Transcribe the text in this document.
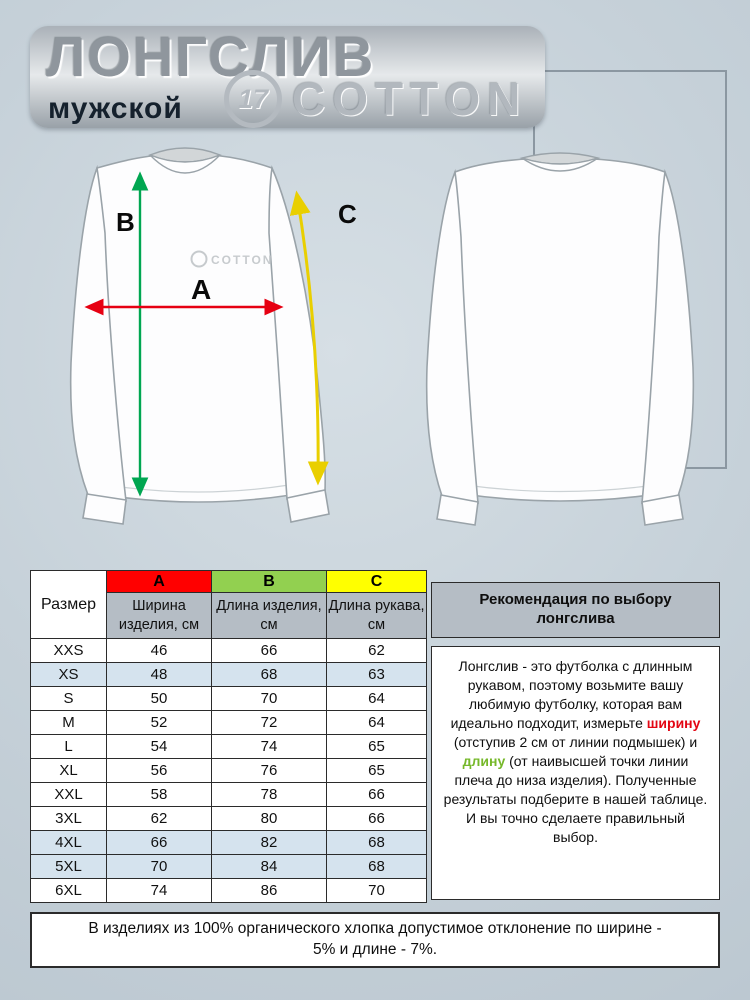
ЛОНГСЛИВ
мужской	17 COTTON
COTTON
A
B	C
Размер	A	B	C
	Ширина изделия, см	Длина изделия, см	Длина рукава, см
XXS	46	66	62
XS	48	68	63
S	50	70	64
M	52	72	64
L	54	74	65
XL	56	76	65
XXL	58	78	66
3XL	62	80	66
4XL	66	82	68
5XL	70	84	68
6XL	74	86	70
Рекомендация по выбору лонгслива
Лонгслив - это футболка с длинным рукавом, поэтому возьмите вашу любимую футболку, которая вам идеально подходит, измерьте ширину (отступив 2 см от линии подмышек) и длину (от наивысшей точки линии плеча до низа изделия). Полученные результаты подберите в нашей таблице. И вы точно сделаете правильный выбор.
В изделиях из 100% органического хлопка допустимое отклонение по ширине - 5% и длине - 7%.
